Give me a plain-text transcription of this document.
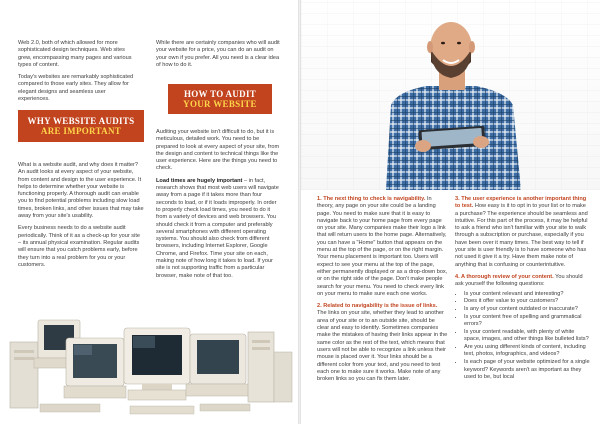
Web 2.0, both of which allowed for more sophisticated design techniques. Web sites grew, encompassing many pages and various types of content.

Today's websites are remarkably sophisticated compared to those early sites. They allow for elegant designs and seamless user experiences.

WHY WEBSITE AUDITS
ARE IMPORTANT

What is a website audit, and why does it matter? An audit looks at every aspect of your website, from content and design to the user experience. It helps to determine whether your website is functioning properly. A thorough audit can enable you to find potential problems including slow load times, broken links, and other issues that may take away from your site's usability.

Every business needs to do a website audit periodically. Think of it as a check-up for your site – its annual physical examination. Regular audits will ensure that you catch problems early, before they turn into a real problem for you or your customers.

While there are certainly companies who will audit your website for a price, you can do an audit on your own if you prefer. All you need is a clear idea of how to do it.

HOW TO AUDIT
YOUR WEBSITE

Auditing your website isn't difficult to do, but it is meticulous, detailed work. You need to be prepared to look at every aspect of your site, from the design and content to technical things like the user experience. Here are the things you need to check.

Load times are hugely important – in fact, research shows that most web users will navigate away from a page if it takes more than four seconds to load, or if it loads improperly. In order to properly check load times, you need to do it from a variety of devices and web browsers. You should check it from a computer and preferably several smartphones with different operating systems. You should also check from different browsers, including Internet Explorer, Google Chrome, and Firefox. Time your site on each, making note of how long it takes to load. If your site is not supporting traffic from a particular browser, make note of that too.

1. The next thing to check is navigability. In theory, any page on your site could be a landing page. You need to make sure that it is easy to navigate back to your home page from every page on your site. Many companies make their logo a link that will return users to the home page. Alternatively, you can have a "Home" button that appears on the menu at the top of the page, or on the right margin. Your menu placement is important too. Users will expect to see your menu at the top of the page, either permanently displayed or as a drop-down box, or on the right side of the page. Don't make people search for your menu. You need to check every link on your menu to make sure each one works.

2. Related to navigability is the issue of links. The links on your site, whether they lead to another area of your site or to an outside site, should be clear and easy to identify. Sometimes companies make the mistakes of having their links appear in the same color as the rest of the text, which means that users will not be able to recognize a link unless their mouse is placed over it. Your links should be a different color from your text, and you need to test each one to make sure it works. Make note of any broken links so you can fix them later.

3. The user experience is another important thing to test. How easy is it to opt in to your list or to make a purchase? The experience should be seamless and intuitive. For this part of the process, it may be helpful to ask a friend who isn't familiar with your site to walk through a subscription or purchase, especially if you have been over it many times. The best way to tell if your site is user friendly is to have someone who has not used it give it a try. Have them make note of anything that is confusing or counterintuitive.

4. A thorough review of your content. You should ask yourself the following questions:

• Is your content relevant and interesting?
• Does it offer value to your customers?
• Is any of your content outdated or inaccurate?
• Is your content free of spelling and grammatical errors?
• Is your content readable, with plenty of white space, images, and other things like bulleted lists?
• Are you using different kinds of content, including text, photos, infographics, and videos?
• Is each page of your website optimized for a single keyword? Keywords aren't as important as they used to be, but local
